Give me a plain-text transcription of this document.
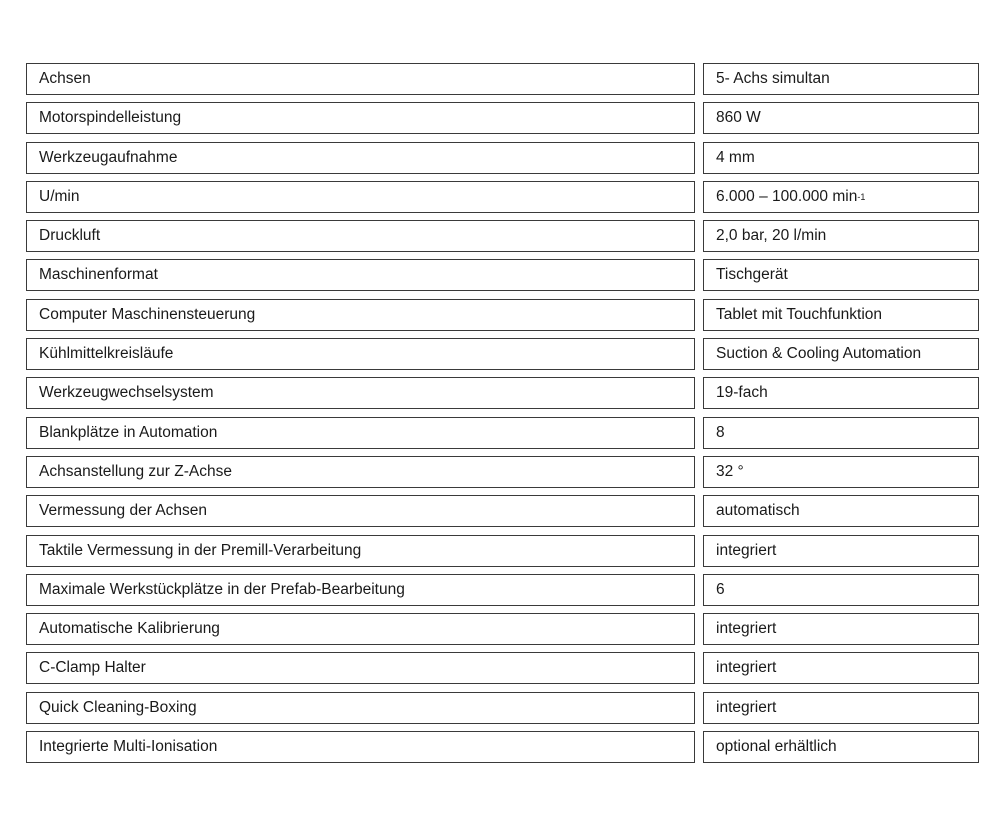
Achsen	5- Achs simultan
Motorspindelleistung	860 W
Werkzeugaufnahme	4 mm
U/min	6.000 – 100.000 min -1
Druckluft	2,0 bar, 20 l/min
Maschinenformat	Tischgerät
Computer Maschinensteuerung	Tablet mit Touchfunktion
Kühlmittelkreisläufe	Suction & Cooling Automation
Werkzeugwechselsystem	19-fach
Blankplätze in Automation	8
Achsanstellung zur Z-Achse	32 °
Vermessung der Achsen	automatisch
Taktile Vermessung in der Premill-Verarbeitung	integriert
Maximale Werkstückplätze in der Prefab-Bearbeitung	6
Automatische Kalibrierung	integriert
C-Clamp Halter	integriert
Quick Cleaning-Boxing	integriert
Integrierte Multi-Ionisation	optional erhältlich
